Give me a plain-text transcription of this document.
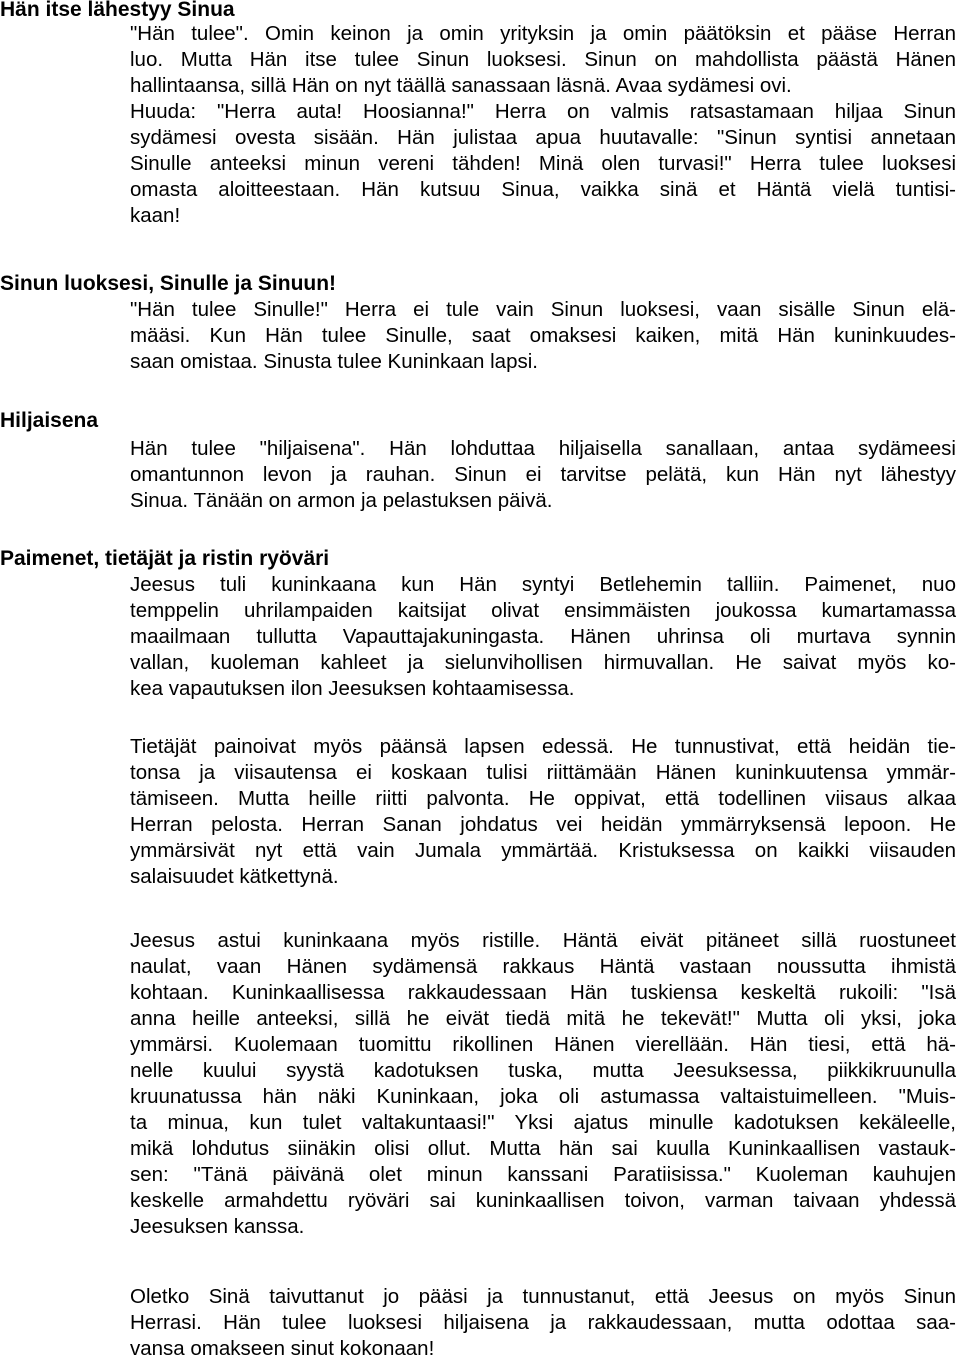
Hän itse lähestyy Sinua
"Hän tulee". Omin keinon ja omin yrityksin ja omin päätöksin et pääse Herran
luo. Mutta Hän itse tulee Sinun luoksesi. Sinun on mahdollista päästä Hänen
hallintaansa, sillä Hän on nyt täällä sanassaan läsnä. Avaa sydämesi ovi.
Huuda: "Herra auta! Hoosianna!" Herra on valmis ratsastamaan hiljaa Sinun
sydämesi ovesta sisään. Hän julistaa apua huutavalle: "Sinun syntisi annetaan
Sinulle anteeksi minun vereni tähden! Minä olen turvasi!" Herra tulee luoksesi
omasta aloitteestaan. Hän kutsuu Sinua, vaikka sinä et Häntä vielä tuntisi-
kaan!
Sinun luoksesi, Sinulle ja Sinuun!
"Hän tulee Sinulle!" Herra ei tule vain Sinun luoksesi, vaan sisälle Sinun elä-
määsi. Kun Hän tulee Sinulle, saat omaksesi kaiken, mitä Hän kuninkuudes-
saan omistaa. Sinusta tulee Kuninkaan lapsi.
Hiljaisena
Hän tulee "hiljaisena". Hän lohduttaa hiljaisella sanallaan, antaa sydämeesi
omantunnon levon ja rauhan. Sinun ei tarvitse pelätä, kun Hän nyt lähestyy
Sinua. Tänään on armon ja pelastuksen päivä.
Paimenet, tietäjät ja ristin ryöväri
Jeesus tuli kuninkaana kun Hän syntyi Betlehemin talliin. Paimenet, nuo
temppelin uhrilampaiden kaitsijat olivat ensimmäisten joukossa kumartamassa
maailmaan tullutta Vapauttajakuningasta. Hänen uhrinsa oli murtava synnin
vallan, kuoleman kahleet ja sielunvihollisen hirmuvallan. He saivat myös ko-
kea vapautuksen ilon Jeesuksen kohtaamisessa.
Tietäjät painoivat myös päänsä lapsen edessä. He tunnustivat, että heidän tie-
tonsa ja viisautensa ei koskaan tulisi riittämään Hänen kuninkuutensa ymmär-
tämiseen. Mutta heille riitti palvonta. He oppivat, että todellinen viisaus alkaa
Herran pelosta. Herran Sanan johdatus vei heidän ymmärryksensä lepoon. He
ymmärsivät nyt että vain Jumala ymmärtää. Kristuksessa on kaikki viisauden
salaisuudet kätkettynä.
Jeesus astui kuninkaana myös ristille. Häntä eivät pitäneet sillä ruostuneet
naulat, vaan Hänen sydämensä rakkaus Häntä vastaan noussutta ihmistä
kohtaan. Kuninkaallisessa rakkaudessaan Hän tuskiensa keskeltä rukoili: "Isä
anna heille anteeksi, sillä he eivät tiedä mitä he tekevät!" Mutta oli yksi, joka
ymmärsi. Kuolemaan tuomittu rikollinen Hänen vierellään. Hän tiesi, että hä-
nelle kuului syystä kadotuksen tuska, mutta Jeesuksessa, piikkikruunulla
kruunatussa hän näki Kuninkaan, joka oli astumassa valtaistuimelleen. "Muis-
ta minua, kun tulet valtakuntaasi!" Yksi ajatus minulle kadotuksen kekäleelle,
mikä lohdutus siinäkin olisi ollut. Mutta hän sai kuulla Kuninkaallisen vastauk-
sen: "Tänä päivänä olet minun kanssani Paratiisissa." Kuoleman kauhujen
keskelle armahdettu ryöväri sai kuninkaallisen toivon, varman taivaan yhdessä
Jeesuksen kanssa.
Oletko Sinä taivuttanut jo pääsi ja tunnustanut, että Jeesus on myös Sinun
Herrasi. Hän tulee luoksesi hiljaisena ja rakkaudessaan, mutta odottaa saa-
vansa omakseen sinut kokonaan!
